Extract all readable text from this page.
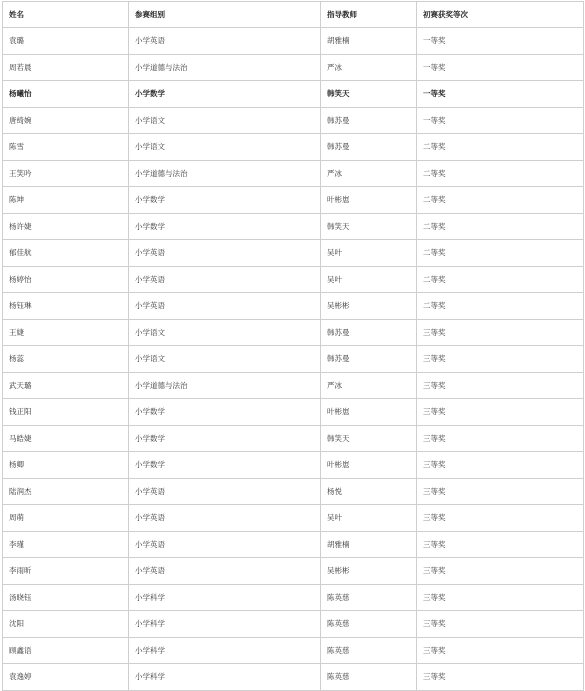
姓名	参赛组别	指导教师	初赛获奖等次
袁璐	小学英语	胡雅楠	一等奖
周若晨	小学道德与法治	严冰	一等奖
杨曦怡	小学数学	韩笑天	一等奖
唐绮婉	小学语文	韩苏曼	一等奖
陈雪	小学语文	韩苏曼	二等奖
王笑吟	小学道德与法治	严冰	二等奖
陈坤	小学数学	叶彬崽	二等奖
杨许婕	小学数学	韩笑天	二等奖
郁佳航	小学英语	吴叶	二等奖
杨婷怡	小学英语	吴叶	二等奖
杨钰琳	小学英语	吴彬彬	二等奖
王婕	小学语文	韩苏曼	三等奖
杨蕊	小学语文	韩苏曼	三等奖
武天璐	小学道德与法治	严冰	三等奖
钱正阳	小学数学	叶彬崽	三等奖
马皓婕	小学数学	韩笑天	三等奖
杨卿	小学数学	叶彬崽	三等奖
陆润杰	小学英语	杨悦	三等奖
周萌	小学英语	吴叶	三等奖
李瑾	小学英语	胡雅楠	三等奖
李雨昕	小学英语	吴彬彬	三等奖
汤晓钰	小学科学	陈英慈	三等奖
沈阳	小学科学	陈英慈	三等奖
顾鑫语	小学科学	陈英慈	三等奖
袁逸婷	小学科学	陈英慈	三等奖
